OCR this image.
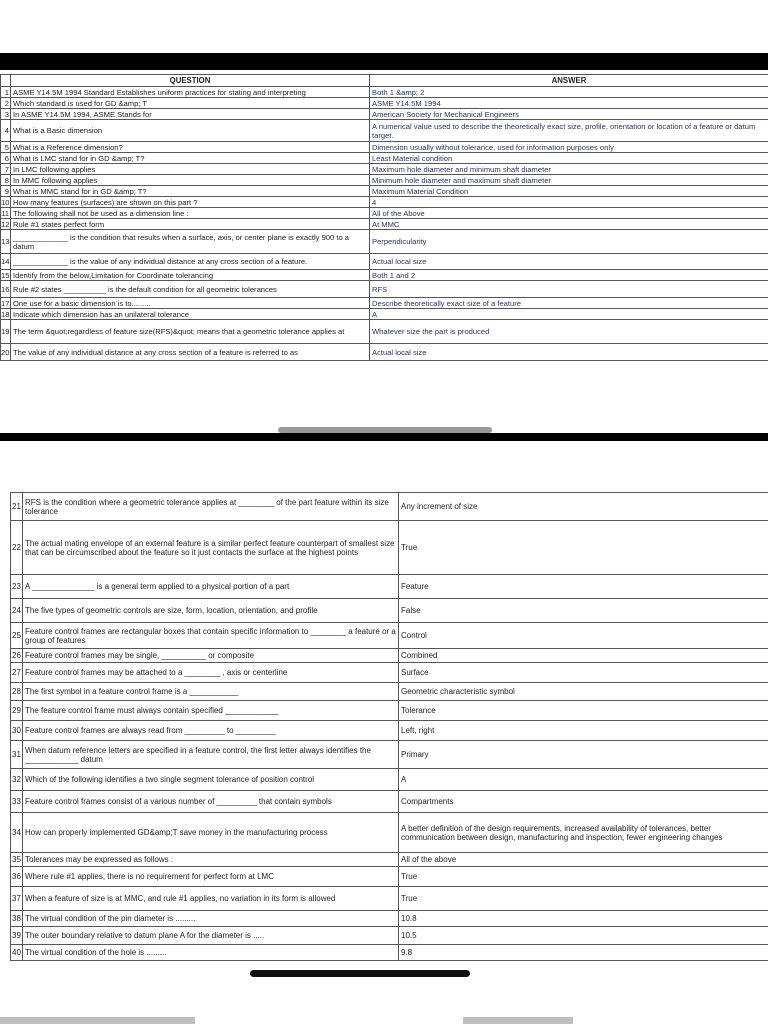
	QUESTION	ANSWER
1	ASME Y14.5M 1994 Standard Establishes uniform practices for stating and interpreting	Both 1 &amp; 2
2	Which standard is used for GD &amp; T	ASME Y14.5M 1994
3	In ASME Y14.5M 1994, ASME Stands for	American Society for Mechanical Engineers
4	What is a Basic dimension	A numerical value used to describe the theoretically exact size, profile, orientation or location of a feature or datum target.
5	What is a Reference dimension?	Dimension usually without tolerance, used for information purposes only
6	What is LMC stand for in GD &amp; T?	Least Material condition
7	In LMC following applies	Maximum hole diameter and minimum shaft diameter
8	In MMC following applies	Minimum hole diameter and maximum shaft diameter
9	What is MMC stand for in GD &amp; T?	Maximum Material Condition
10	How many features (surfaces) are shown on this part ?	4
11	The following shall not be used as a dimension line :	All of the Above
12	Rule #1 states perfect form	At MMC
13	_____________ is the condition that results when a surface, axis, or center plane is exactly 900 to a datum	Perpendicularity
14	_____________ is the value of any individual distance at any cross section of a feature.	Actual local size
15	Identify from the below,Limitation for Coordinate tolerancing	Both 1 and 2
16	Rule #2 states __________ is the default condition for all geometric tolerances	RFS
17	One use for a basic dimension is to.........	Describe theoretically exact size of a feature
18	Indicate which dimension has an unilateral tolerance	A
19	The term &quot;regardless of feature size(RFS)&quot; means that a geometric tolerance applies at	Whatever size the part is produced
20	The value of any individual distance at any cross section of a feature is referred to as	Actual local size
21	RFS is the condition where a geometric tolerance applies at ________ of the part feature within its size tolerance	Any increment of size
22	The actual mating envelope of an external feature is a similar perfect feature counterpart of smallest size that can be circumscribed about the feature so it just contacts the surface at the highest points	True
23	A ______________ is a general term applied to a physical portion of a part	Feature
24	The five types of geometric controls are size, form, location, orientation, and profile	False
25	Feature control frames are rectangular boxes that contain specific information to ________ a feature or a group of features	Control
26	Feature control frames may be single, __________ or composite	Combined
27	Feature control frames may be attached to a ________ , axis or centerline	Surface
28	The first symbol in a feature control frame is a ___________	Geometric characteristic symbol
29	The feature control frame must always contain specified ____________	Tolerance
30	Feature control frames are always read from _________ to _________	Left, right
31	When datum reference letters are specified in a feature control, the first letter always identifies the ____________ datum	Primary
32	Which of the following identifies a two single segment tolerance of position control	A
33	Feature control frames consist of a various number of _________ that contain symbols	Compartments
34	How can properly implemented GD&amp;T save money in the manufacturing process	A better definition of the design requirements, increased availability of tolerances, better communication between design, manufacturing and inspection, fewer engineering changes
35	Tolerances may be expressed as follows :	All of the above
36	Where rule #1 applies, there is no requirement for perfect form at LMC	True
37	When a feature of size is at MMC, and rule #1 applies, no variation in its form is allowed	True
38	The virtual condition of the pin diameter is .........	10.8
39	The outer boundary relative to datum plane A for the diameter is .....	10.5
40	The virtual condition of the hole is .........	9.8
